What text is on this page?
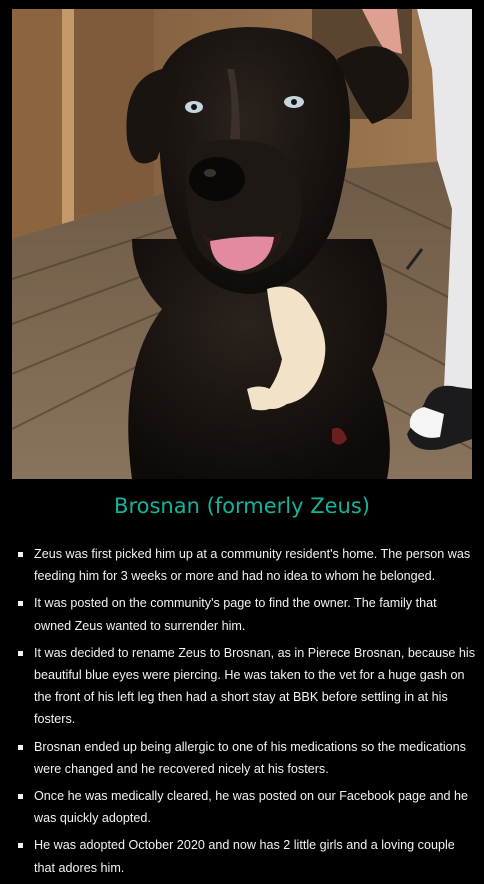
Brosnan (formerly Zeus)
Zeus was first picked him up at a community resident's home. The person was feeding him for 3 weeks or more and had no idea to whom he belonged.
It was posted on the community's page to find the owner. The family that owned Zeus wanted to surrender him.
It was decided to rename Zeus to Brosnan, as in Pierece Brosnan, because his beautiful blue eyes were piercing. He was taken to the vet for a huge gash on the front of his left leg then had a short stay at BBK before settling in at his fosters.
Brosnan ended up being allergic to one of his medications so the medications were changed and he recovered nicely at his fosters.
Once he was medically cleared, he was posted on our Facebook page and he was quickly adopted.
He was adopted October 2020 and now has 2 little girls and a loving couple that adores him.
